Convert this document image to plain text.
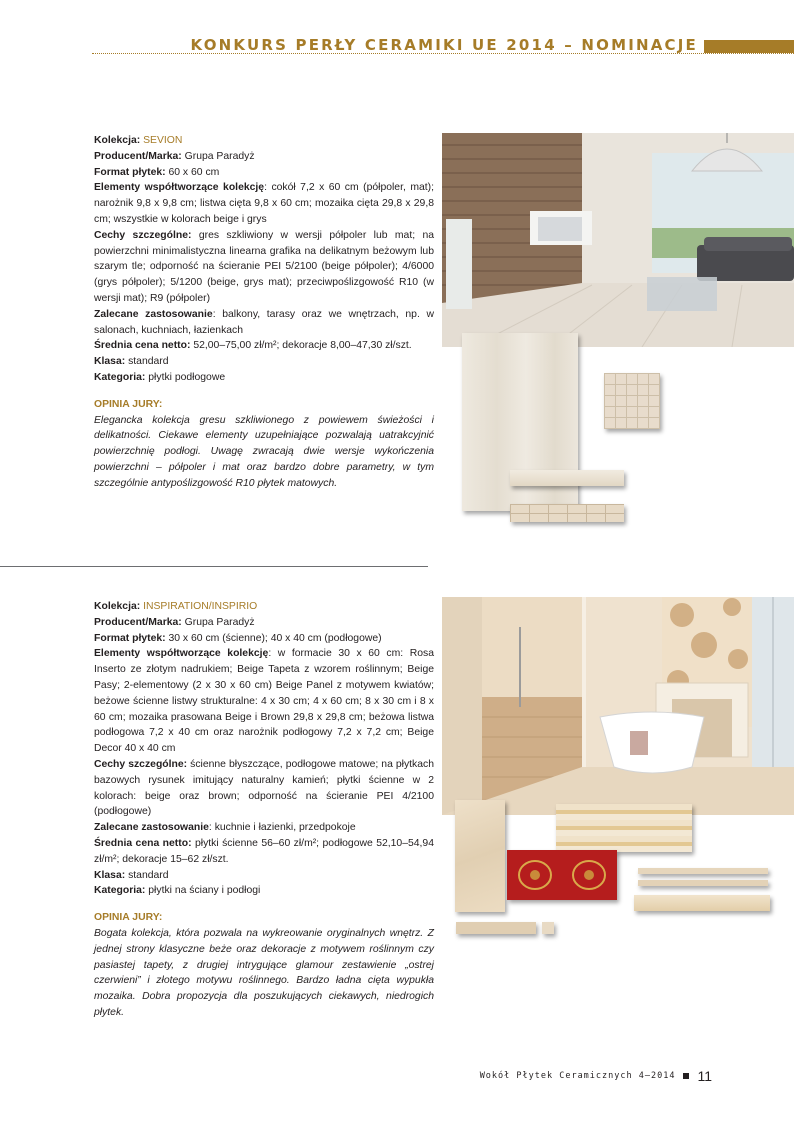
KONKURS PERŁY CERAMIKI UE 2014 – NOMINACJE

Kolekcja: SEVION

Producent/Marka: Grupa Paradyż

Format płytek: 60 x 60 cm

Elementy współtworzące kolekcję: cokół 7,2 x 60 cm (półpoler, mat); narożnik 9,8 x 9,8 cm; listwa cięta 9,8 x 60 cm; mozaika cięta 29,8 x 29,8 cm; wszystkie w kolorach beige i grys

Cechy szczególne: gres szkliwiony w wersji półpoler lub mat; na powierzchni minimalistyczna linearna grafika na delikatnym beżowym lub szarym tle; odporność na ścieranie PEI 5/2100 (beige półpoler); 4/6000 (grys półpoler); 5/1200 (beige, grys mat); przeciwpoślizgowość R10 (w wersji mat); R9 (półpoler)

Zalecane zastosowanie: balkony, tarasy oraz we wnętrzach, np. w salonach, kuchniach, łazienkach

Średnia cena netto: 52,00–75,00 zł/m²; dekoracje 8,00–47,30 zł/szt.

Klasa: standard

Kategoria: płytki podłogowe

OPINIA JURY:

Elegancka kolekcja gresu szkliwionego z powiewem świeżości i delikatności. Ciekawe elementy uzupełniające pozwalają uatrakcyjnić powierzchnię podłogi. Uwagę zwracają dwie wersje wykończenia powierzchni – półpoler i mat oraz bardzo dobre parametry, w tym szczególnie antypoślizgowość R10 płytek matowych.

Kolekcja: INSPIRATION/INSPIRIO

Producent/Marka: Grupa Paradyż

Format płytek: 30 x 60 cm (ścienne); 40 x 40 cm (podłogowe)

Elementy współtworzące kolekcję: w formacie 30 x 60 cm: Rosa Inserto ze złotym nadrukiem; Beige Tapeta z wzorem roślinnym; Beige Pasy; 2-elementowy (2 x 30 x 60 cm) Beige Panel z motywem kwiatów; beżowe ścienne listwy strukturalne: 4 x 30 cm; 4 x 60 cm; 8 x 30 cm i 8 x 60 cm; mozaika prasowana Beige i Brown 29,8 x 29,8 cm; beżowa listwa podłogowa 7,2 x 40 cm oraz narożnik podłogowy 7,2 x 7,2 cm; Beige Decor 40 x 40 cm

Cechy szczególne: ścienne błyszczące, podłogowe matowe; na płytkach bazowych rysunek imitujący naturalny kamień; płytki ścienne w 2 kolorach: beige oraz brown; odporność na ścieranie PEI 4/2100 (podłogowe)

Zalecane zastosowanie: kuchnie i łazienki, przedpokoje

Średnia cena netto: płytki ścienne 56–60 zł/m²; podłogowe 52,10–54,94 zł/m²; dekoracje 15–62 zł/szt.

Klasa: standard

Kategoria: płytki na ściany i podłogi

OPINIA JURY:

Bogata kolekcja, która pozwala na wykreowanie oryginalnych wnętrz. Z jednej strony klasyczne beże oraz dekoracje z motywem roślinnym czy pasiastej tapety, z drugiej intrygujące glamour zestawienie „ostrej czerwieni” i złotego motywu roślinnego. Bardzo ładna cięta wypukła mozaika. Dobra propozycja dla poszukujących ciekawych, niedrogich płytek.

Wokół Płytek Ceramicznych 4–2014 11
